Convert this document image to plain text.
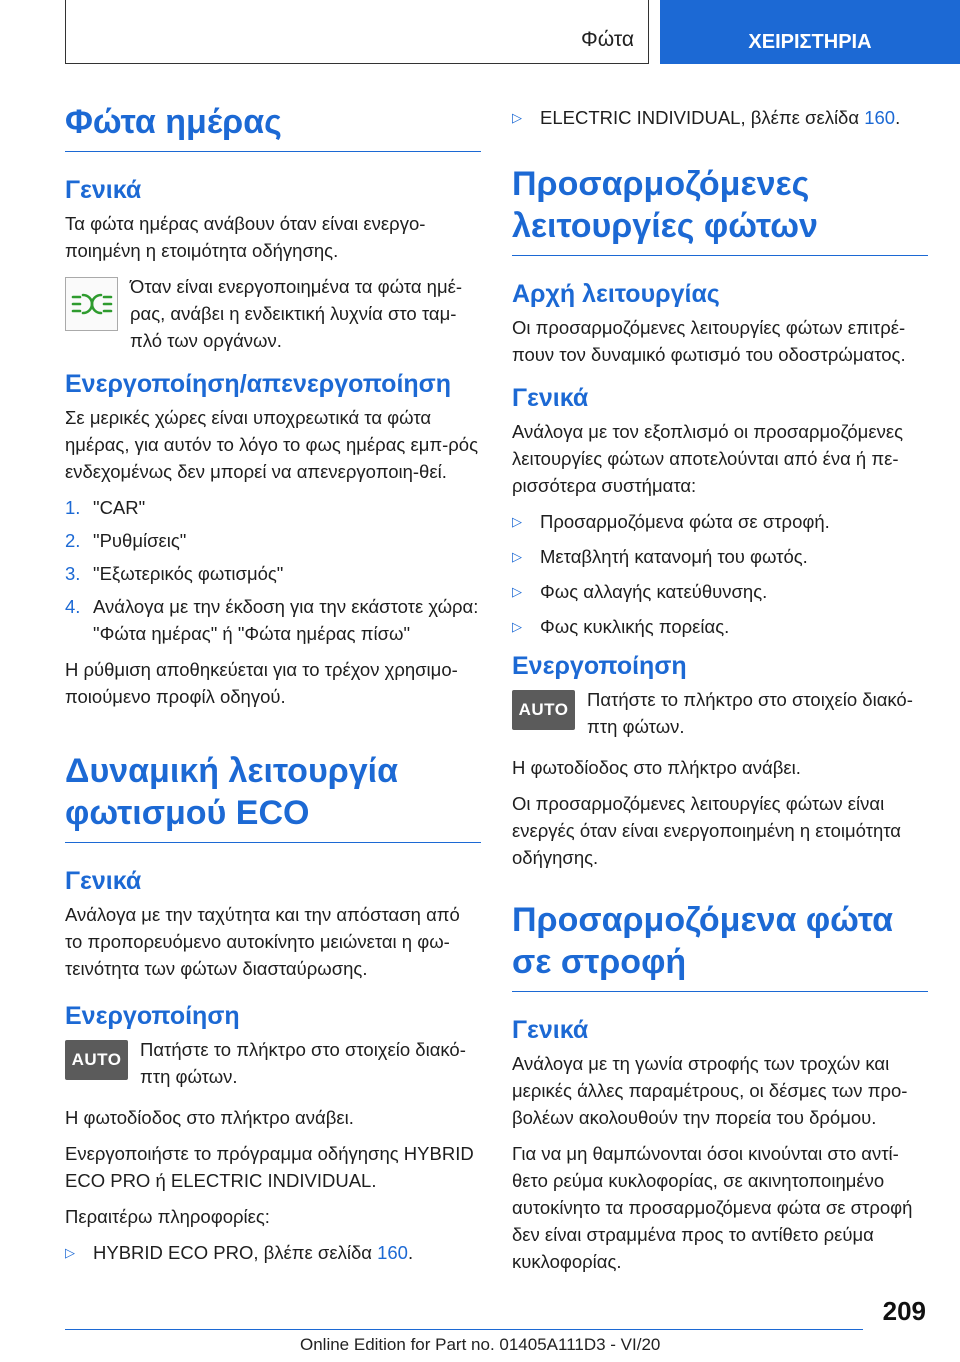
Φώτα	ΧΕΙΡΙΣΤΗΡΙΑ
Φώτα ημέρας
Γενικά

Τα φώτα ημέρας ανάβουν όταν είναι ενεργο-ποιημένη η ετοιμότητα οδήγησης.

Όταν είναι ενεργοποιημένα τα φώτα ημέ-ρας, ανάβει η ενδεικτική λυχνία στο ταμ-πλό των οργάνων.
Ενεργοποίηση/απενεργοποίηση

Σε μερικές χώρες είναι υποχρεωτικά τα φώτα ημέρας, για αυτόν το λόγο το φως ημέρας εμπ-ρός ενδεχομένως δεν μπορεί να απενεργοποιη-θεί.

1. "CAR"
2. "Ρυθμίσεις"
3. "Εξωτερικός φωτισμός"
4. Ανάλογα με την έκδοση για την εκάστοτε χώρα: "Φώτα ημέρας" ή "Φώτα ημέρας πίσω"

Η ρύθμιση αποθηκεύεται για το τρέχον χρησιμο-ποιούμενο προφίλ οδηγού.

Δυναμική λειτουργία φωτισμού ECO
Γενικά

Ανάλογα με την ταχύτητα και την απόσταση από το προπορευόμενο αυτοκίνητο μειώνεται η φω-τεινότητα των φώτων διασταύρωσης.

Ενεργοποίηση
AUTO	Πατήστε το πλήκτρο στο στοιχείο διακό-πτη φώτων.

Η φωτοδίοδος στο πλήκτρο ανάβει.

Ενεργοποιήστε το πρόγραμμα οδήγησης HYBRID ECO PRO ή ELECTRIC INDIVIDUAL.

Περαιτέρω πληροφορίες:

▷ HYBRID ECO PRO, βλέπε σελίδα 160.
▷ ELECTRIC INDIVIDUAL, βλέπε σελίδα 160.
Προσαρμοζόμενες λειτουργίες φώτων
Αρχή λειτουργίας

Οι προσαρμοζόμενες λειτουργίες φώτων επιτρέ-πουν τον δυναμικό φωτισμό του οδοστρώματος.

Γενικά

Ανάλογα με τον εξοπλισμό οι προσαρμοζόμενες λειτουργίες φώτων αποτελούνται από ένα ή πε-ρισσότερα συστήματα:

▷ Προσαρμοζόμενα φώτα σε στροφή.
▷ Μεταβλητή κατανομή του φωτός.
▷ Φως αλλαγής κατεύθυνσης.
▷ Φως κυκλικής πορείας.
Ενεργοποίηση
AUTO	Πατήστε το πλήκτρο στο στοιχείο διακό-πτη φώτων.

Η φωτοδίοδος στο πλήκτρο ανάβει.

Οι προσαρμοζόμενες λειτουργίες φώτων είναι ενεργές όταν είναι ενεργοποιημένη η ετοιμότητα οδήγησης.

Προσαρμοζόμενα φώτα σε στροφή
Γενικά

Ανάλογα με τη γωνία στροφής των τροχών και μερικές άλλες παραμέτρους, οι δέσμες των προ-βολέων ακολουθούν την πορεία του δρόμου.

Για να μη θαμπώνονται όσοι κινούνται στο αντί-θετο ρεύμα κυκλοφορίας, σε ακινητοποιημένο αυτοκίνητο τα προσαρμοζόμενα φώτα σε στροφή δεν είναι στραμμένα προς το αντίθετο ρεύμα κυκλοφορίας.

209
Online Edition for Part no. 01405A111D3 - VI/20
